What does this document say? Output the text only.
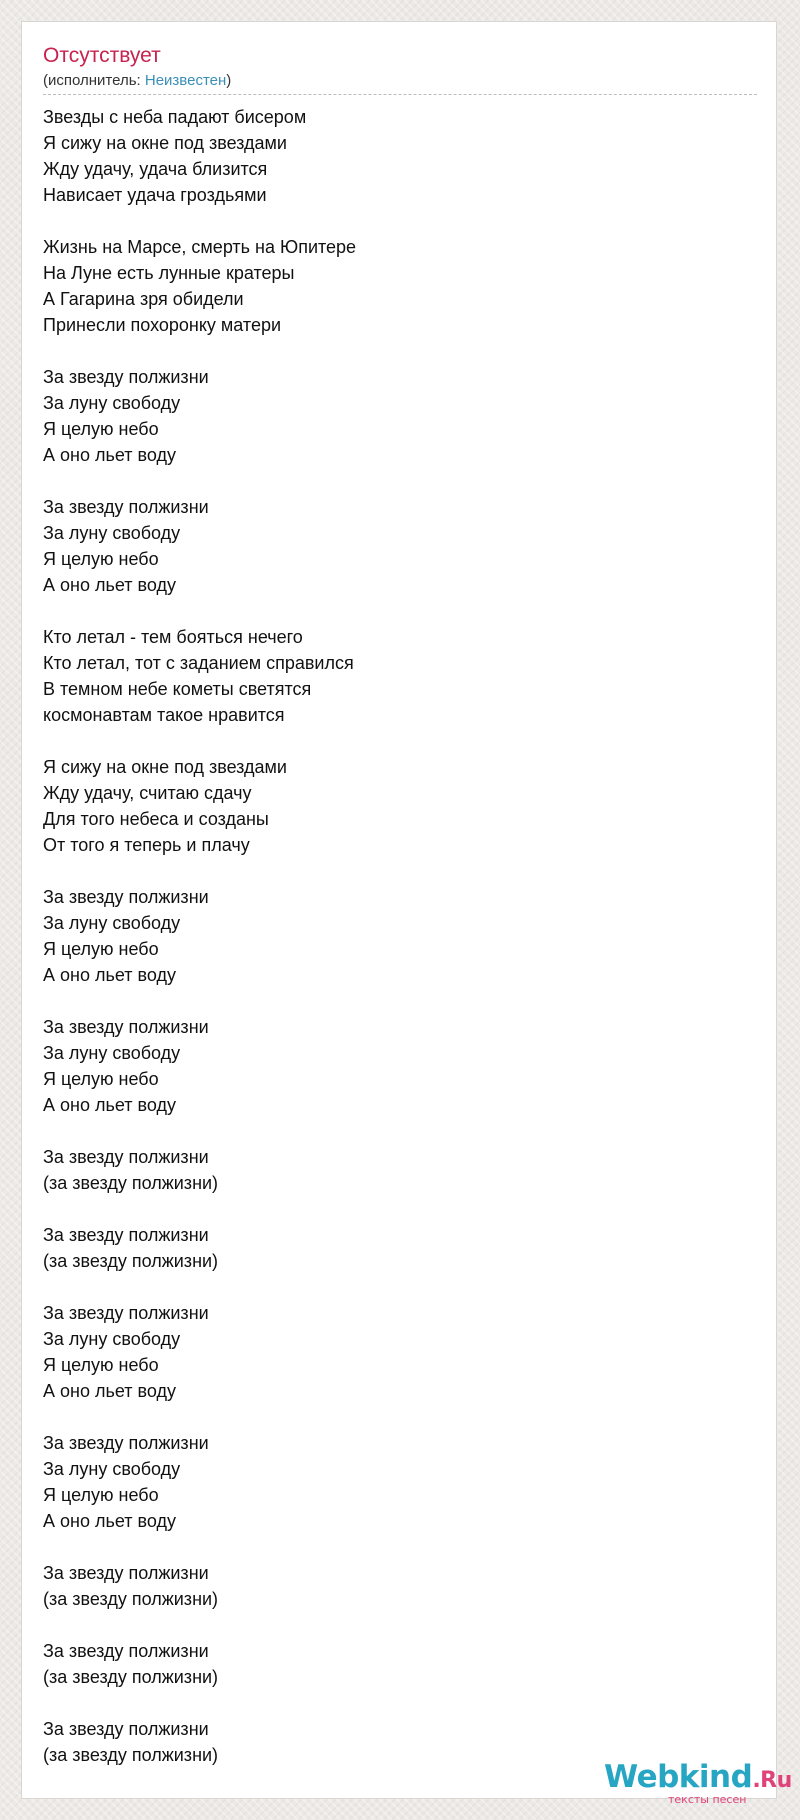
Отсутствует
(исполнитель: Неизвестен)
Звезды с неба падают бисером
Я сижу на окне под звездами
Жду удачу, удача близится
Нависает удача гроздьями
Жизнь на Марсе, смерть на Юпитере
На Луне есть лунные кратеры
А Гагарина зря обидели
Принесли похоронку матери
За звезду полжизни
За луну свободу
Я целую небо
А оно льет воду
За звезду полжизни
За луну свободу
Я целую небо
А оно льет воду
Кто летал - тем бояться нечего
Кто летал, тот с заданием справился
В темном небе кометы светятся
космонавтам такое нравится
Я сижу на окне под звездами
Жду удачу, считаю сдачу
Для того небеса и созданы
От того я теперь и плачу
За звезду полжизни
За луну свободу
Я целую небо
А оно льет воду
За звезду полжизни
За луну свободу
Я целую небо
А оно льет воду
За звезду полжизни
(за звезду полжизни)
За звезду полжизни
(за звезду полжизни)
За звезду полжизни
За луну свободу
Я целую небо
А оно льет воду
За звезду полжизни
За луну свободу
Я целую небо
А оно льет воду
За звезду полжизни
(за звезду полжизни)
За звезду полжизни
(за звезду полжизни)
За звезду полжизни
(за звезду полжизни)
Webkind.Ru
тексты песен
